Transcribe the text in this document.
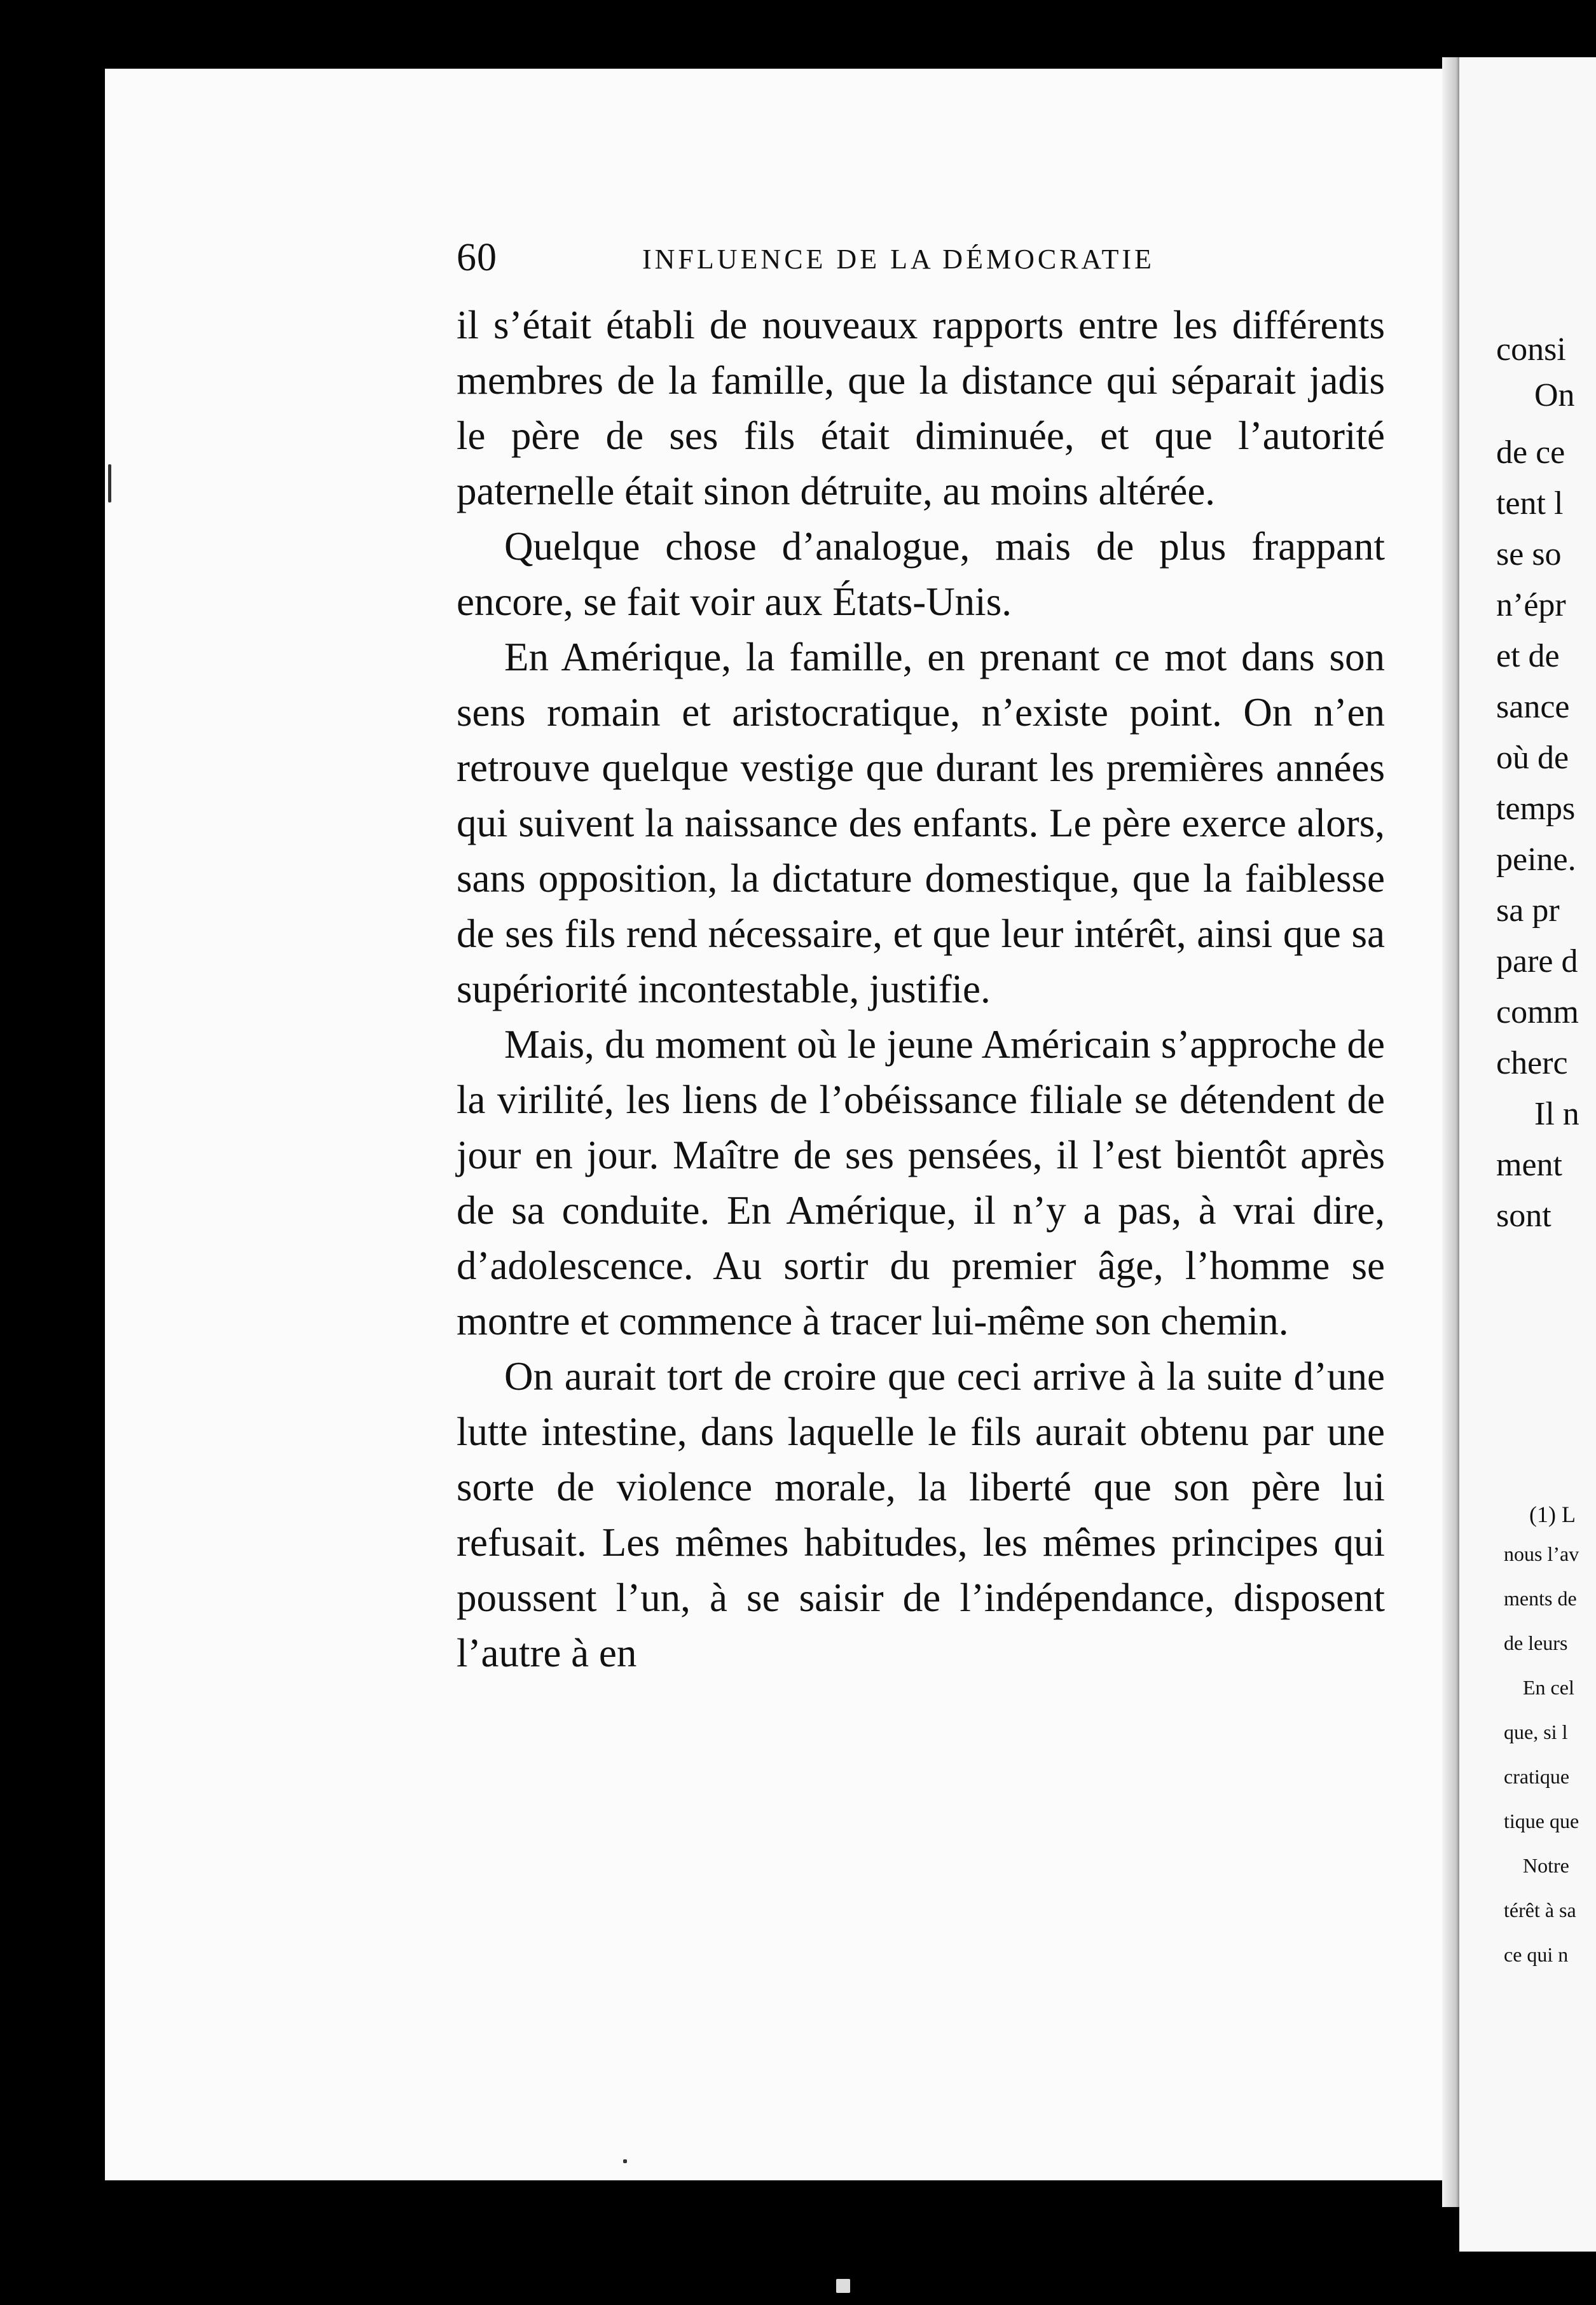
60	INFLUENCE DE LA DÉMOCRATIE

il s’était établi de nouveaux rapports entre les différents membres de la famille, que la distance qui séparait jadis le père de ses fils était diminuée, et que l’autorité paternelle était sinon détruite, au moins altérée.

Quelque chose d’analogue, mais de plus frappant encore, se fait voir aux États-Unis.

En Amérique, la famille, en prenant ce mot dans son sens romain et aristocratique, n’existe point. On n’en retrouve quelque vestige que durant les premières années qui suivent la naissance des enfants. Le père exerce alors, sans opposition, la dictature domestique, que la faiblesse de ses fils rend nécessaire, et que leur intérêt, ainsi que sa supériorité incontestable, justifie.

Mais, du moment où le jeune Américain s’approche de la virilité, les liens de l’obéissance filiale se détendent de jour en jour. Maître de ses pensées, il l’est bientôt après de sa conduite. En Amérique, il n’y a pas, à vrai dire, d’adolescence. Au sortir du premier âge, l’homme se montre et commence à tracer lui-même son chemin.

On aurait tort de croire que ceci arrive à la suite d’une lutte intestine, dans laquelle le fils aurait obtenu par une sorte de violence morale, la liberté que son père lui refusait. Les mêmes habitudes, les mêmes principes qui poussent l’un, à se saisir de l’indépendance, disposent l’autre à en

consi
On
de ce
tent l
se so
n’épr
et de
sance
où de
temps
peine.
sa pr
pare d
comm
cherc
Il n
ment
sont
(1) L
nous l’av
ments de
de leurs
En cel
que, si l
cratique
tique que
Notre
térêt à sa
ce qui n
